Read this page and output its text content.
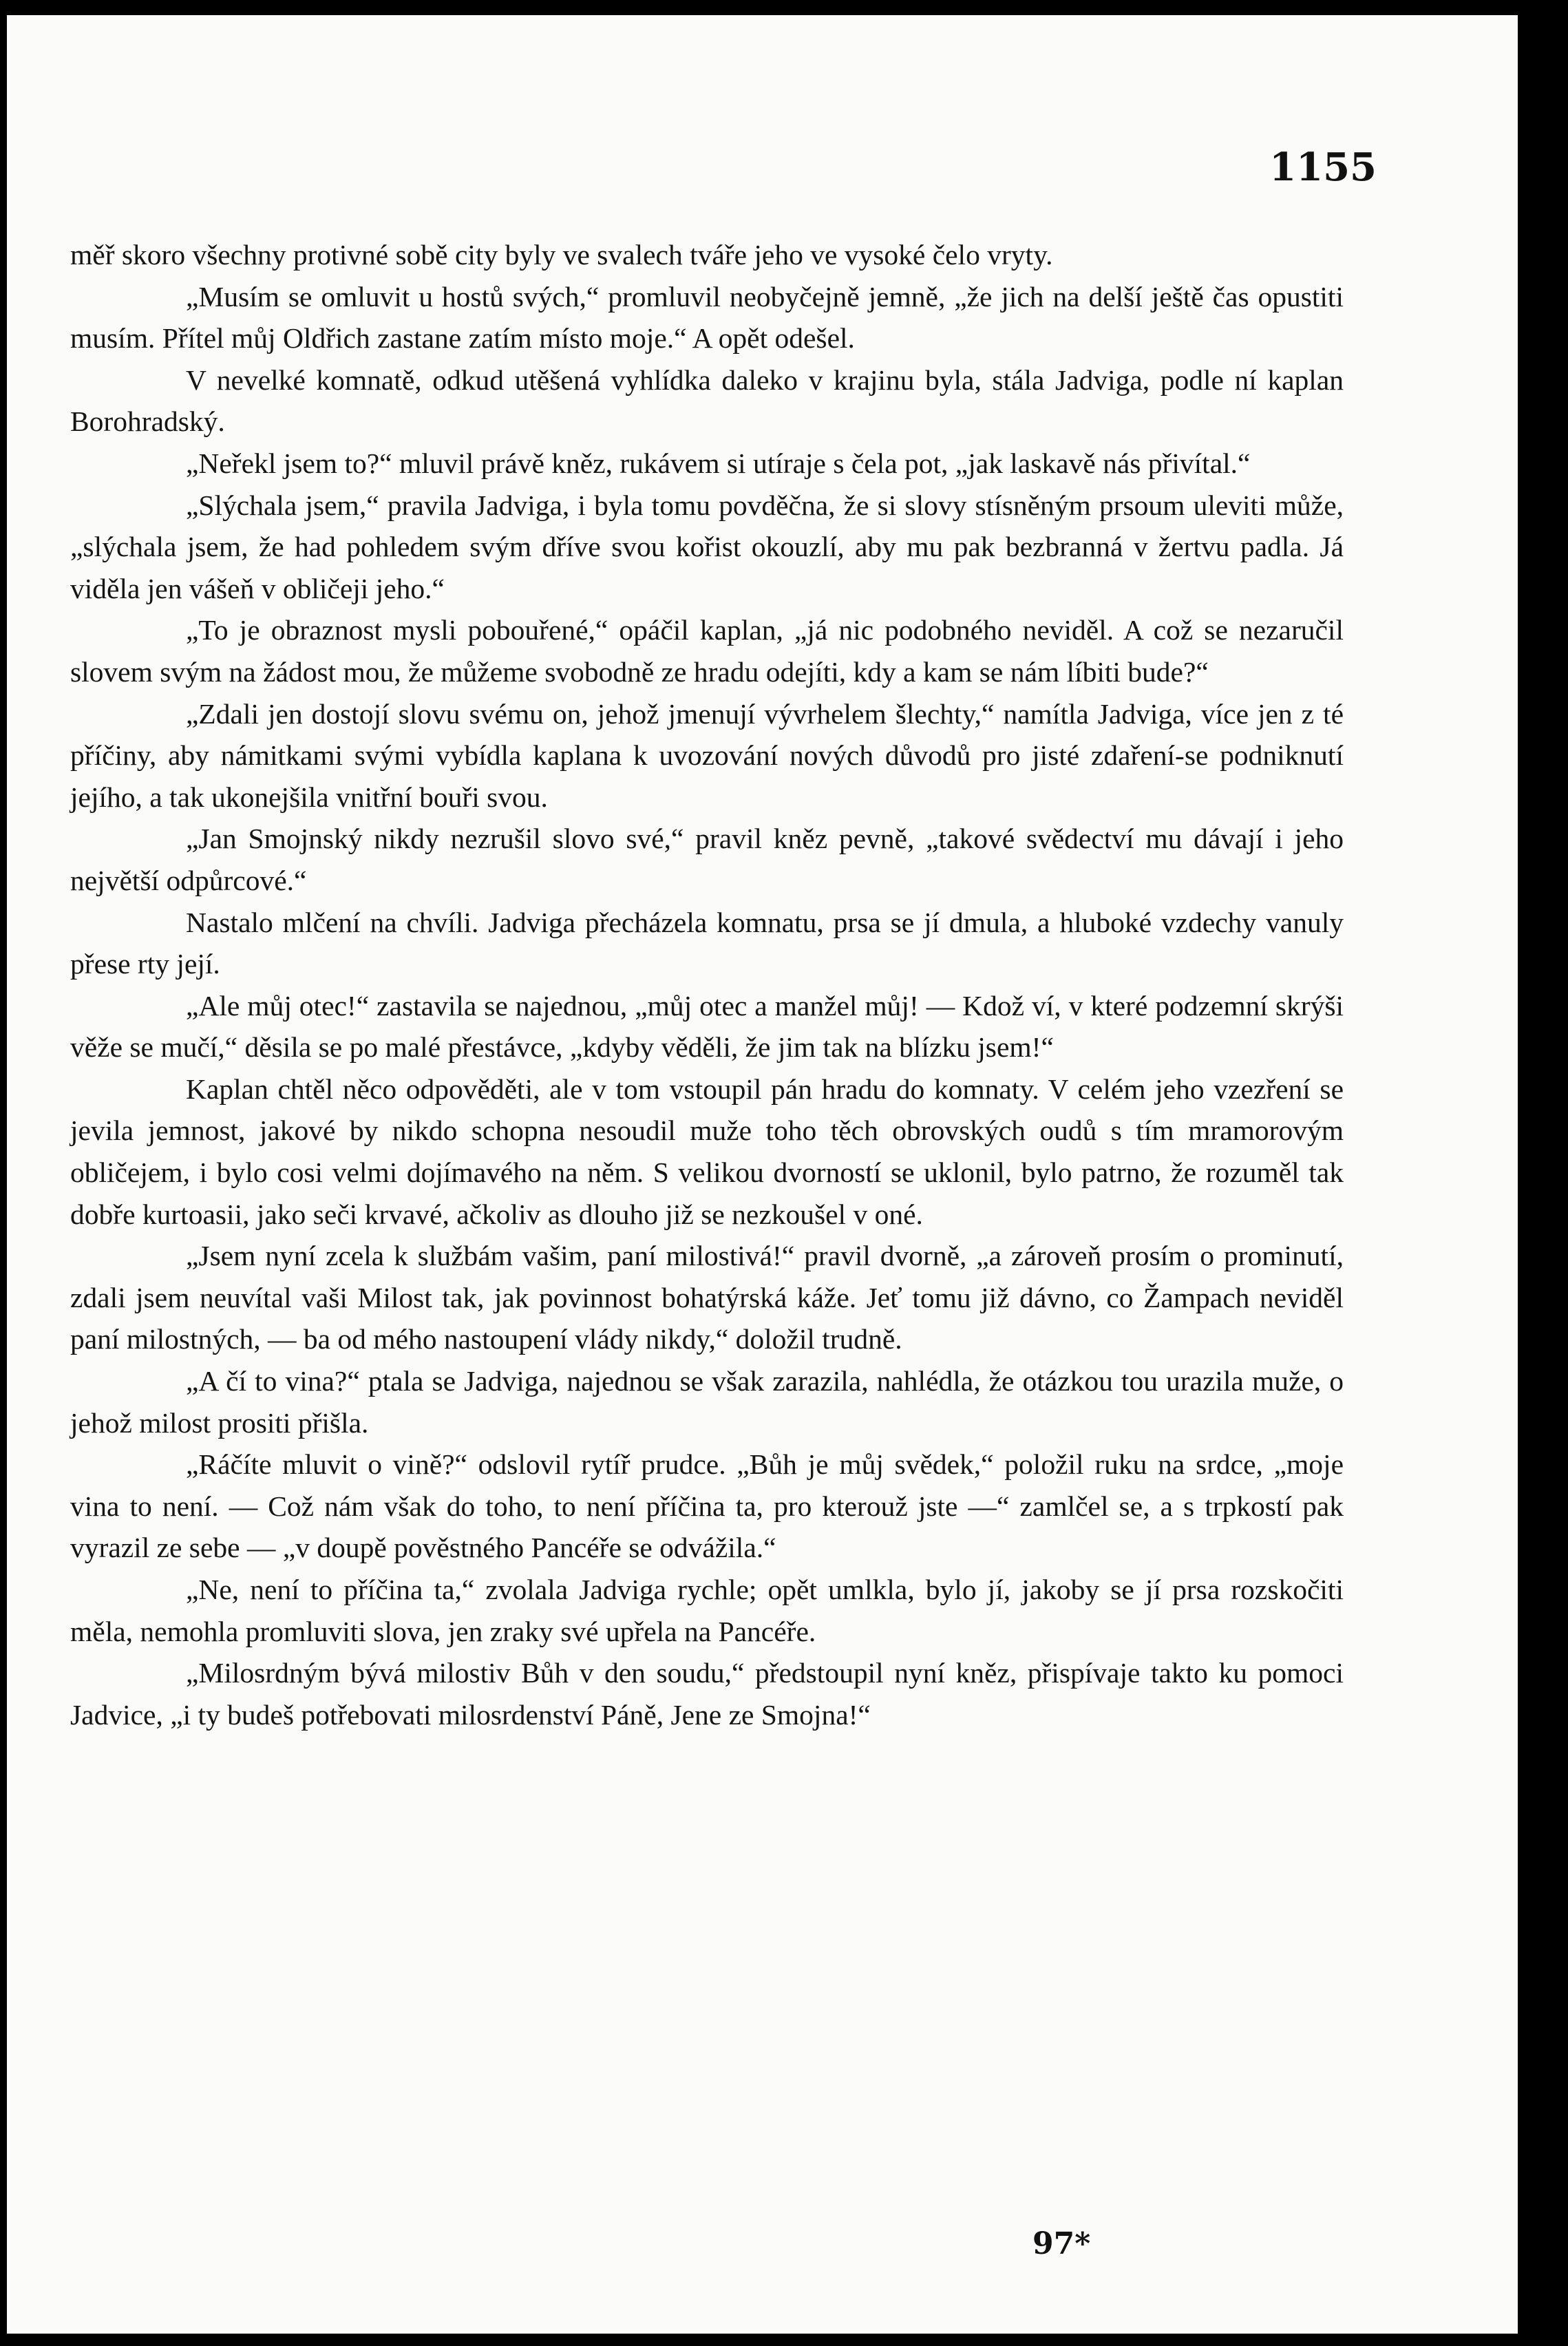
1155

měř skoro všechny protivné sobě city byly ve svalech tváře jeho ve vysoké čelo vryty.

„Musím se omluvit u hostů svých,“ promluvil neobyčejně jemně, „že jich na delší ještě čas opustiti musím. Přítel můj Oldřich zastane zatím místo moje.“ A opět odešel.

V nevelké komnatě, odkud utěšená vyhlídka daleko v krajinu byla, stála Jadviga, podle ní kaplan Borohradský.

„Neřekl jsem to?“ mluvil právě kněz, rukávem si utíraje s čela pot, „jak laskavě nás přivítal.“

„Slýchala jsem,“ pravila Jadviga, i byla tomu povděčna, že si slovy stísněným prsoum uleviti může, „slýchala jsem, že had pohledem svým dříve svou kořist okouzlí, aby mu pak bezbranná v žertvu padla. Já viděla jen vášeň v obličeji jeho.“

„To je obraznost mysli pobouřené,“ opáčil kaplan, „já nic podobného neviděl. A což se nezaručil slovem svým na žádost mou, že můžeme svobodně ze hradu odejíti, kdy a kam se nám líbiti bude?“

„Zdali jen dostojí slovu svému on, jehož jmenují vývrhelem šlechty,“ namítla Jadviga, více jen z té příčiny, aby námitkami svými vybídla kaplana k uvozování nových důvodů pro jisté zdaření-se podniknutí jejího, a tak ukonejšila vnitřní bouři svou.

„Jan Smojnský nikdy nezrušil slovo své,“ pravil kněz pevně, „takové svědectví mu dávají i jeho největší odpůrcové.“

Nastalo mlčení na chvíli. Jadviga přecházela komnatu, prsa se jí dmula, a hluboké vzdechy vanuly přese rty její.

„Ale můj otec!“ zastavila se najednou, „můj otec a manžel můj! — Kdož ví, v které podzemní skrýši věže se mučí,“ děsila se po malé přestávce, „kdyby věděli, že jim tak na blízku jsem!“

Kaplan chtěl něco odpověděti, ale v tom vstoupil pán hradu do komnaty. V celém jeho vzezření se jevila jemnost, jakové by nikdo schopna nesoudil muže toho těch obrovských oudů s tím mramorovým obličejem, i bylo cosi velmi dojímavého na něm. S velikou dvorností se uklonil, bylo patrno, že rozuměl tak dobře kurtoasii, jako seči krvavé, ačkoliv as dlouho již se nezkoušel v oné.

„Jsem nyní zcela k službám vašim, paní milostivá!“ pravil dvorně, „a zároveň prosím o prominutí, zdali jsem neuvítal vaši Milost tak, jak povinnost bohatýrská káže. Jeť tomu již dávno, co Žampach neviděl paní milostných, — ba od mého nastoupení vlády nikdy,“ doložil trudně.

„A čí to vina?“ ptala se Jadviga, najednou se však zarazila, nahlédla, že otázkou tou urazila muže, o jehož milost prositi přišla.

„Ráčíte mluvit o vině?“ odslovil rytíř prudce. „Bůh je můj svědek,“ položil ruku na srdce, „moje vina to není. — Což nám však do toho, to není příčina ta, pro kterouž jste —“ zamlčel se, a s trpkostí pak vyrazil ze sebe — „v doupě pověstného Pancéře se odvážila.“

„Ne, není to příčina ta,“ zvolala Jadviga rychle; opět umlkla, bylo jí, jakoby se jí prsa rozskočiti měla, nemohla promluviti slova, jen zraky své upřela na Pancéře.

„Milosrdným bývá milostiv Bůh v den soudu,“ předstoupil nyní kněz, přispívaje takto ku pomoci Jadvice, „i ty budeš potřebovati milosrdenství Páně, Jene ze Smojna!“

97*
